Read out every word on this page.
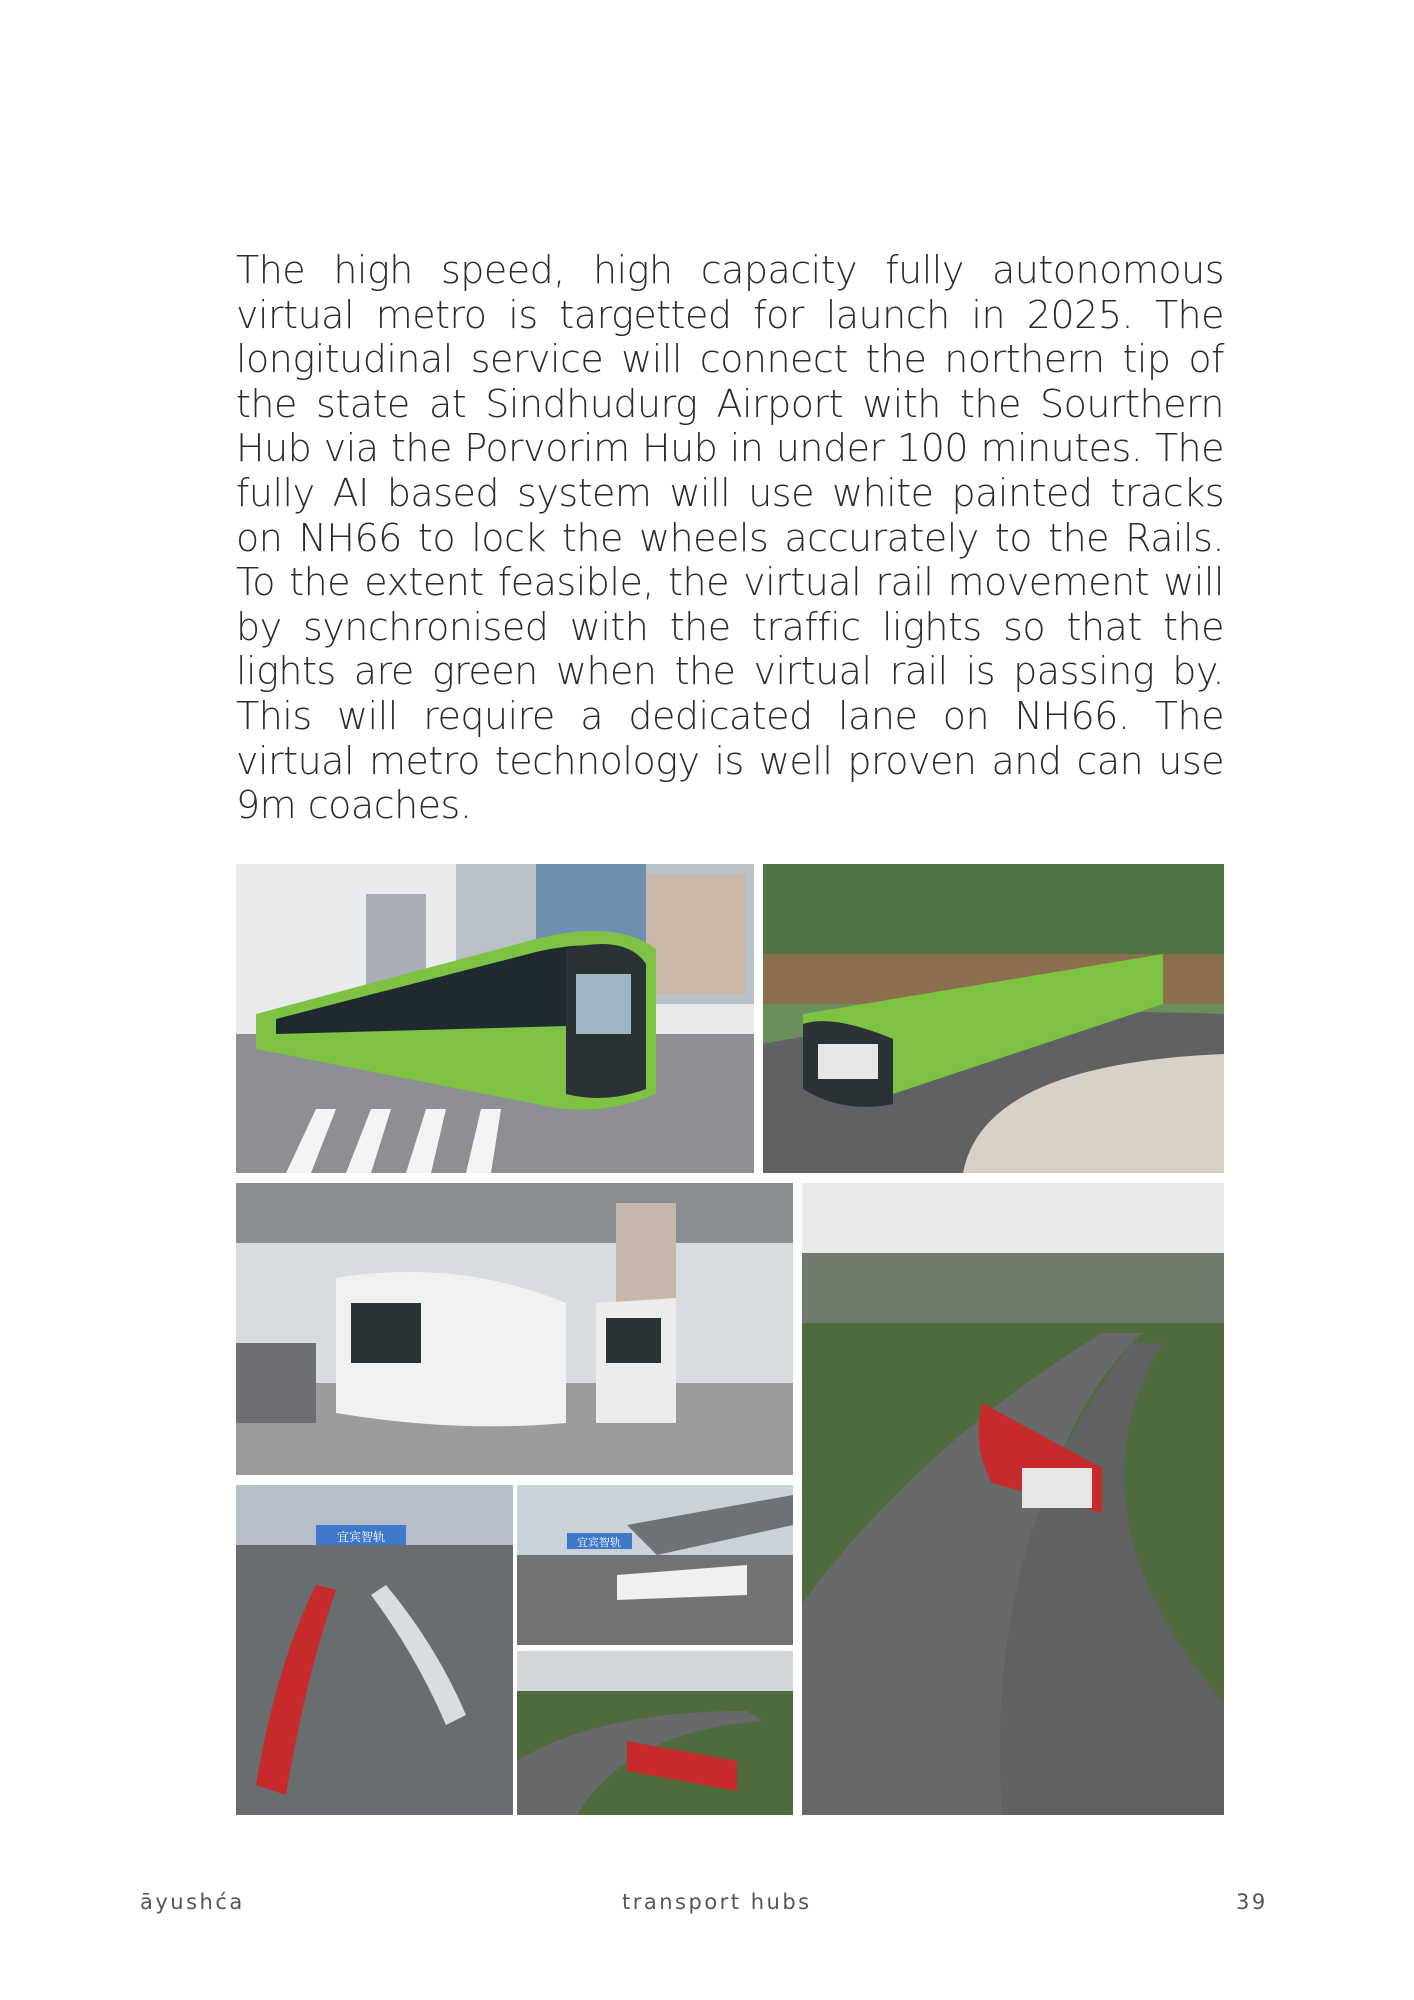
The high speed, high capacity fully autonomous virtual metro is targetted for launch in 2025. The longitudinal service will connect the northern tip of the state at Sindhudurg Airport with the Sourthern Hub via the Porvorim Hub in under 100 minutes. The fully AI based system will use white painted tracks on NH66 to lock the wheels accurately to the Rails. To the extent feasible, the virtual rail movement will by synchronised with the traffic lights so that the lights are green when the virtual rail is passing by. This will require a dedicated lane on NH66. The virtual metro technology is well proven and can use 9m coaches.

宜宾智轨	宜宾智轨
āyushća	transport hubs	39
